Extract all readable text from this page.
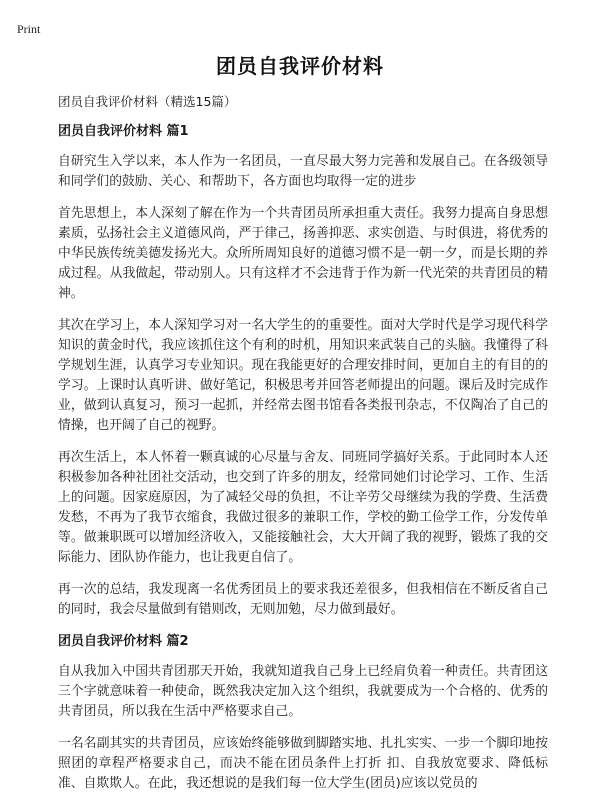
Print
团员自我评价材料
团员自我评价材料（精选15篇）
团员自我评价材料 篇1

自研究生入学以来，本人作为一名团员，一直尽最大努力完善和发展自己。在各级领导和同学们的鼓励、关心、和帮助下，各方面也均取得一定的进步

首先思想上，本人深刻了解在作为一个共青团员所承担重大责任。我努力提高自身思想素质，弘扬社会主义道德风尚，严于律己，扬善抑恶、求实创造、与时俱进，将优秀的中华民族传统美德发扬光大。众所所周知良好的道德习惯不是一朝一夕，而是长期的养成过程。从我做起，带动别人。只有这样才不会违背于作为新一代光荣的共青团员的精神。

其次在学习上，本人深知学习对一名大学生的的重要性。面对大学时代是学习现代科学知识的黄金时代，我应该抓住这个有利的时机，用知识来武装自己的头脑。我懂得了科学规划生涯，认真学习专业知识。现在我能更好的合理安排时间，更加自主的有目的的学习。上课时认真听讲、做好笔记，积极思考并回答老师提出的问题。课后及时完成作业，做到认真复习，预习一起抓，并经常去图书馆看各类报刊杂志，不仅陶冶了自己的情操，也开阔了自己的视野。

再次生活上，本人怀着一颗真诚的心尽量与舍友、同班同学搞好关系。于此同时本人还积极参加各种社团社交活动，也交到了许多的朋友，经常同她们讨论学习、工作、生活上的问题。因家庭原因，为了减轻父母的负担，不让辛劳父母继续为我的学费、生活费发愁，不再为了我节衣缩食，我做过很多的兼职工作，学校的勤工俭学工作，分发传单等。做兼职既可以增加经济收入，又能接触社会，大大开阔了我的视野，锻炼了我的交际能力、团队协作能力，也让我更自信了。

再一次的总结，我发现离一名优秀团员上的要求我还差很多，但我相信在不断反省自己的同时，我会尽量做到有错则改，无则加勉，尽力做到最好。

团员自我评价材料 篇2

自从我加入中国共青团那天开始，我就知道我自己身上已经肩负着一种责任。共青团这三个字就意味着一种使命，既然我决定加入这个组织，我就要成为一个合格的、优秀的共青团员，所以我在生活中严格要求自己。

一名名副其实的共青团员，应该始终能够做到脚踏实地、扎扎实实、一步一个脚印地按照团的章程严格要求自己，而决不能在团员条件上打折 扣、自我放宽要求、降低标准、自欺欺人。在此，我还想说的是我们每一位大学生(团员)应该以党员的
